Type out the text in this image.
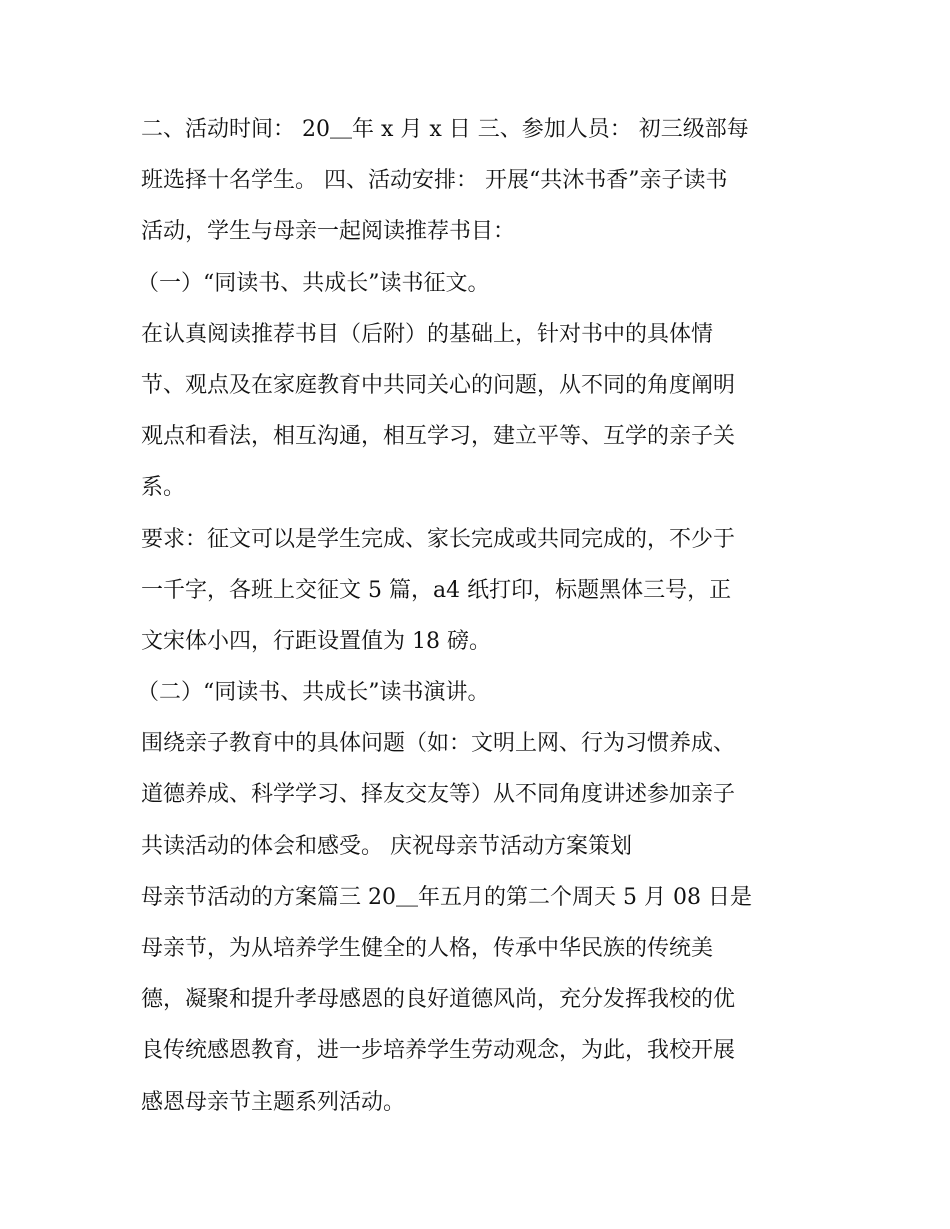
二、活动时间： 20＿年 x 月 x 日 三、参加人员： 初三级部每
班选择十名学生。 四、活动安排： 开展“共沐书香”亲子读书
活动，学生与母亲一起阅读推荐书目：
（一）“同读书、共成长”读书征文。
在认真阅读推荐书目（后附）的基础上，针对书中的具体情
节、观点及在家庭教育中共同关心的问题，从不同的角度阐明
观点和看法，相互沟通，相互学习，建立平等、互学的亲子关
系。
要求：征文可以是学生完成、家长完成或共同完成的，不少于
一千字，各班上交征文 5 篇，a4 纸打印，标题黑体三号，正
文宋体小四，行距设置值为 18 磅。
（二）“同读书、共成长”读书演讲。
围绕亲子教育中的具体问题（如：文明上网、行为习惯养成、
道德养成、科学学习、择友交友等）从不同角度讲述参加亲子
共读活动的体会和感受。 庆祝母亲节活动方案策划
母亲节活动的方案篇三 20＿年五月的第二个周天 5 月 08 日是
母亲节，为从培养学生健全的人格，传承中华民族的传统美
德，凝聚和提升孝母感恩的良好道德风尚，充分发挥我校的优
良传统感恩教育，进一步培养学生劳动观念，为此，我校开展
感恩母亲节主题系列活动。
